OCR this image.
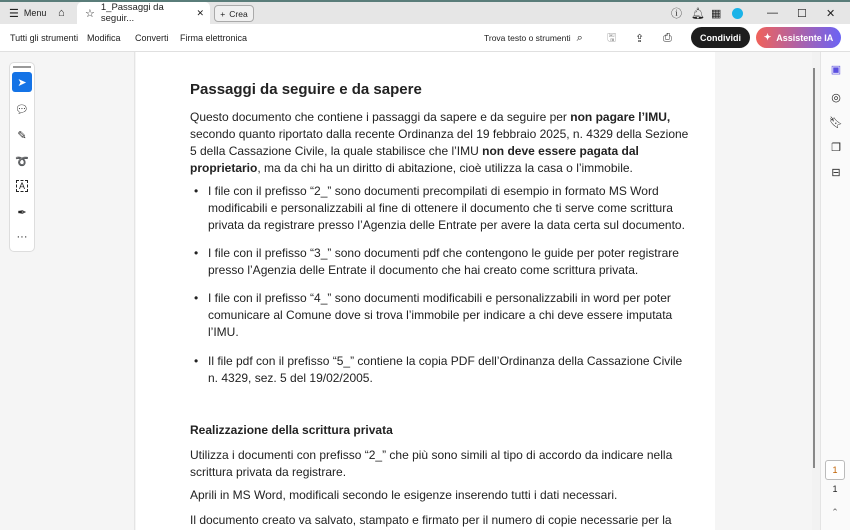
☰ Menu ⌂ ☆ 1_Passaggi da seguir...
✕ + Crea	ⓘ 🔔︎ ▦	— ☐ ✕
Tutti gli strumenti Modifica Converti Firma elettronica	Trova testo o strumenti ⌕ 🖫 ⇪ ⎙	Condividi	✦ Assistente IA
➤
💬︎
✎
➰
A
✒
···
Passaggi da seguire e da sapere
Questo documento che contiene i passaggi da sapere e da seguire per non pagare l’IMU,
secondo quanto riportato dalla recente Ordinanza del 19 febbraio 2025, n. 4329 della Sezione
5 della Cassazione Civile, la quale stabilisce che l’IMU non deve essere pagata dal
proprietario, ma da chi ha un diritto di abitazione, cioè utilizza la casa o l’immobile.
• I file con il prefisso “2_” sono documenti precompilati di esempio in formato MS Word
modificabili e personalizzabili al fine di ottenere il documento che ti serve come scrittura
privata da registrare presso l’Agenzia delle Entrate per avere la data certa sul documento.
• I file con il prefisso “3_” sono documenti pdf che contengono le guide per poter registrare
presso l’Agenzia delle Entrate il documento che hai creato come scrittura privata.
• I file con il prefisso “4_” sono documenti modificabili e personalizzabili in word per poter
comunicare al Comune dove si trova l’immobile per indicare a chi deve essere imputata
l’IMU.
• Il file pdf con il prefisso “5_” contiene la copia PDF dell’Ordinanza della Cassazione Civile
n. 4329, sez. 5 del 19/02/2005.
Realizzazione della scrittura privata
Utilizza i documenti con prefisso “2_” che più sono simili al tipo di accordo da indicare nella
scrittura privata da registrare.
Aprili in MS Word, modificali secondo le esigenze inserendo tutti i dati necessari.
Il documento creato va salvato, stampato e firmato per il numero di copie necessarie per la
▣
◎
🔖︎
❐
⊟
1
1
⌃
